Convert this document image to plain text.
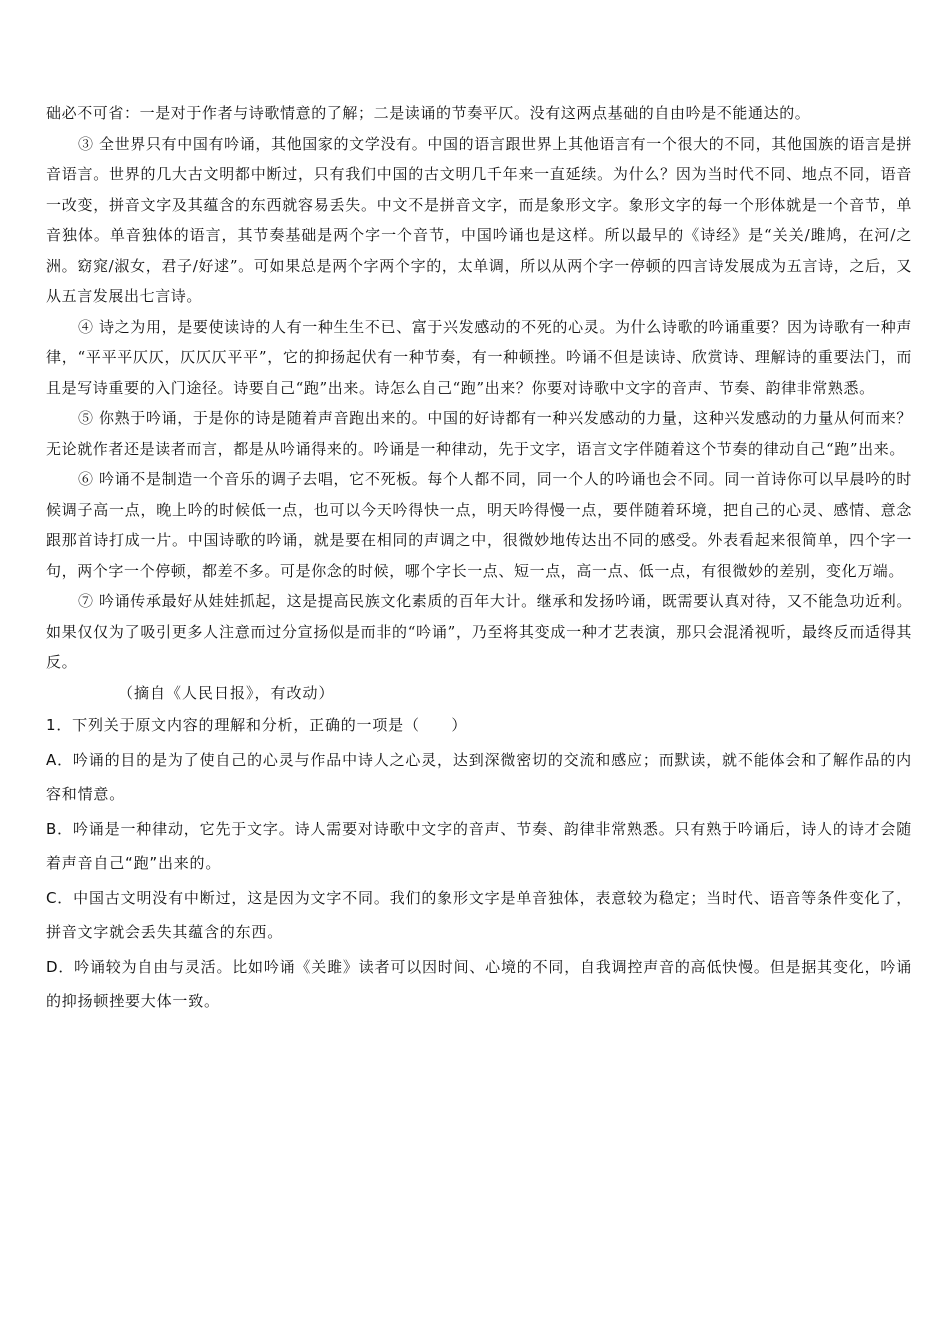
础必不可省：一是对于作者与诗歌情意的了解；二是读诵的节奏平仄。没有这两点基础的自由吟是不能通达的。

③ 全世界只有中国有吟诵，其他国家的文学没有。中国的语言跟世界上其他语言有一个很大的不同，其他国族的语言是拼音语言。世界的几大古文明都中断过，只有我们中国的古文明几千年来一直延续。为什么？因为当时代不同、地点不同，语音一改变，拼音文字及其蕴含的东西就容易丢失。中文不是拼音文字，而是象形文字。象形文字的每一个形体就是一个音节，单音独体。单音独体的语言，其节奏基础是两个字一个音节，中国吟诵也是这样。所以最早的《诗经》是“关关/雎鸠，在河/之洲。窈窕/淑女，君子/好逑”。可如果总是两个字两个字的，太单调，所以从两个字一停顿的四言诗发展成为五言诗，之后，又从五言发展出七言诗。

④ 诗之为用，是要使读诗的人有一种生生不已、富于兴发感动的不死的心灵。为什么诗歌的吟诵重要？因为诗歌有一种声律，“平平平仄仄，仄仄仄平平”，它的抑扬起伏有一种节奏，有一种顿挫。吟诵不但是读诗、欣赏诗、理解诗的重要法门，而且是写诗重要的入门途径。诗要自己“跑”出来。诗怎么自己“跑”出来？你要对诗歌中文字的音声、节奏、韵律非常熟悉。

⑤ 你熟于吟诵，于是你的诗是随着声音跑出来的。中国的好诗都有一种兴发感动的力量，这种兴发感动的力量从何而来？无论就作者还是读者而言，都是从吟诵得来的。吟诵是一种律动，先于文字，语言文字伴随着这个节奏的律动自己“跑”出来。

⑥ 吟诵不是制造一个音乐的调子去唱，它不死板。每个人都不同，同一个人的吟诵也会不同。同一首诗你可以早晨吟的时候调子高一点，晚上吟的时候低一点，也可以今天吟得快一点，明天吟得慢一点，要伴随着环境，把自己的心灵、感情、意念跟那首诗打成一片。中国诗歌的吟诵，就是要在相同的声调之中，很微妙地传达出不同的感受。外表看起来很简单，四个字一句，两个字一个停顿，都差不多。可是你念的时候，哪个字长一点、短一点，高一点、低一点，有很微妙的差别，变化万端。

⑦ 吟诵传承最好从娃娃抓起，这是提高民族文化素质的百年大计。继承和发扬吟诵，既需要认真对待，又不能急功近利。如果仅仅为了吸引更多人注意而过分宣扬似是而非的“吟诵”，乃至将其变成一种才艺表演，那只会混淆视听，最终反而适得其反。

（摘自《人民日报》，有改动）

1．下列关于原文内容的理解和分析，正确的一项是（　　）

A．吟诵的目的是为了使自己的心灵与作品中诗人之心灵，达到深微密切的交流和感应；而默读，就不能体会和了解作品的内容和情意。

B．吟诵是一种律动，它先于文字。诗人需要对诗歌中文字的音声、节奏、韵律非常熟悉。只有熟于吟诵后，诗人的诗才会随着声音自己“跑”出来的。

C．中国古文明没有中断过，这是因为文字不同。我们的象形文字是单音独体，表意较为稳定；当时代、语音等条件变化了，拼音文字就会丢失其蕴含的东西。

D．吟诵较为自由与灵活。比如吟诵《关雎》读者可以因时间、心境的不同，自我调控声音的高低快慢。但是据其变化，吟诵的抑扬顿挫要大体一致。
